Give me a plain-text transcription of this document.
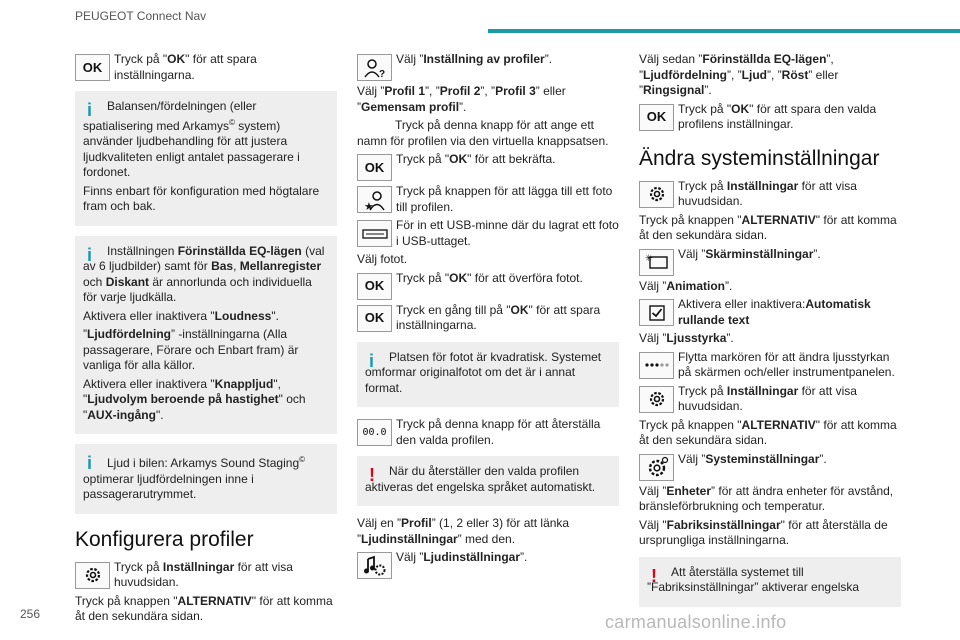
PEUGEOT Connect Nav
OK
Tryck på "OK" för att spara inställningarna.
i	Balansen/fördelningen (eller spatialisering med Arkamys© system) använder ljudbehandling för att justera ljudkvaliteten enligt antalet passagerare i fordonet.

Finns enbart för konfiguration med högtalare fram och bak.

i	Inställningen Förinställda EQ-lägen (val av 6 ljudbilder) samt för Bas, Mellanregister och Diskant är annorlunda och individuella för varje ljudkälla.

Aktivera eller inaktivera "Loudness".

”Ljudfördelning” -inställningarna (Alla passagerare, Förare och Enbart fram) är vanliga för alla källor.

Aktivera eller inaktivera "Knappljud",
"Ljudvolym beroende på hastighet" och "AUX-ingång".

i	Ljud i bilen: Arkamys Sound Staging© optimerar ljudfördelningen inne i passagerarutrymmet.

Konfigurera profiler
Tryck på Inställningar för att visa huvudsidan.

Tryck på knappen "ALTERNATIV" för att komma åt den sekundära sidan.

?
Välj ”Inställning av profiler”.

Välj ”Profil 1”, ”Profil 2”, ”Profil 3” eller ”Gemensam profil”.

Tryck på denna knapp för att ange ett namn för profilen via den virtuella knappsatsen.

OK
Tryck på "OK" för att bekräfta.
★
Tryck på knappen för att lägga till ett foto till profilen.
För in ett USB-minne där du lagrat ett foto i USB-uttaget.

Välj fotot.

OK
Tryck på "OK" för att överföra fotot.
OK
Tryck en gång till på "OK" för att spara inställningarna.
i	Platsen för fotot är kvadratisk. Systemet omformar originalfotot om det är i annat format.

00.0
Tryck på denna knapp för att återställa den valda profilen.
!	När du återställer den valda profilen aktiveras det engelska språket automatiskt.

Välj en ”Profil” (1, 2 eller 3) för att länka ”Ljudinställningar” med den.

Välj ”Ljudinställningar”.

Välj sedan ”Förinställda EQ-lägen”, ”Ljudfördelning”, ”Ljud”, ”Röst” eller ”Ringsignal”.

OK
Tryck på "OK" för att spara den valda profilens inställningar.
Ändra systeminställningar
Tryck på Inställningar för att visa huvudsidan.

Tryck på knappen "ALTERNATIV" för att komma åt den sekundära sidan.

✳ Välj ”Skärminställningar”.

Välj ”Animation”.

Aktivera eller inaktivera:Automatisk rullande text

Välj ”Ljusstyrka”.

Flytta markören för att ändra ljusstyrkan på skärmen och/eller instrumentpanelen.
Tryck på Inställningar för att visa huvudsidan.

Tryck på knappen "ALTERNATIV" för att komma åt den sekundära sidan.

Välj ”Systeminställningar”.

Välj ”Enheter” för att ändra enheter för avstånd, bränsleförbrukning och temperatur.

Välj "Fabriksinställningar" för att återställa de ursprungliga inställningarna.

!	Att återställa systemet till ”Fabriksinställningar” aktiverar engelska

256	carmanualsonline.info
